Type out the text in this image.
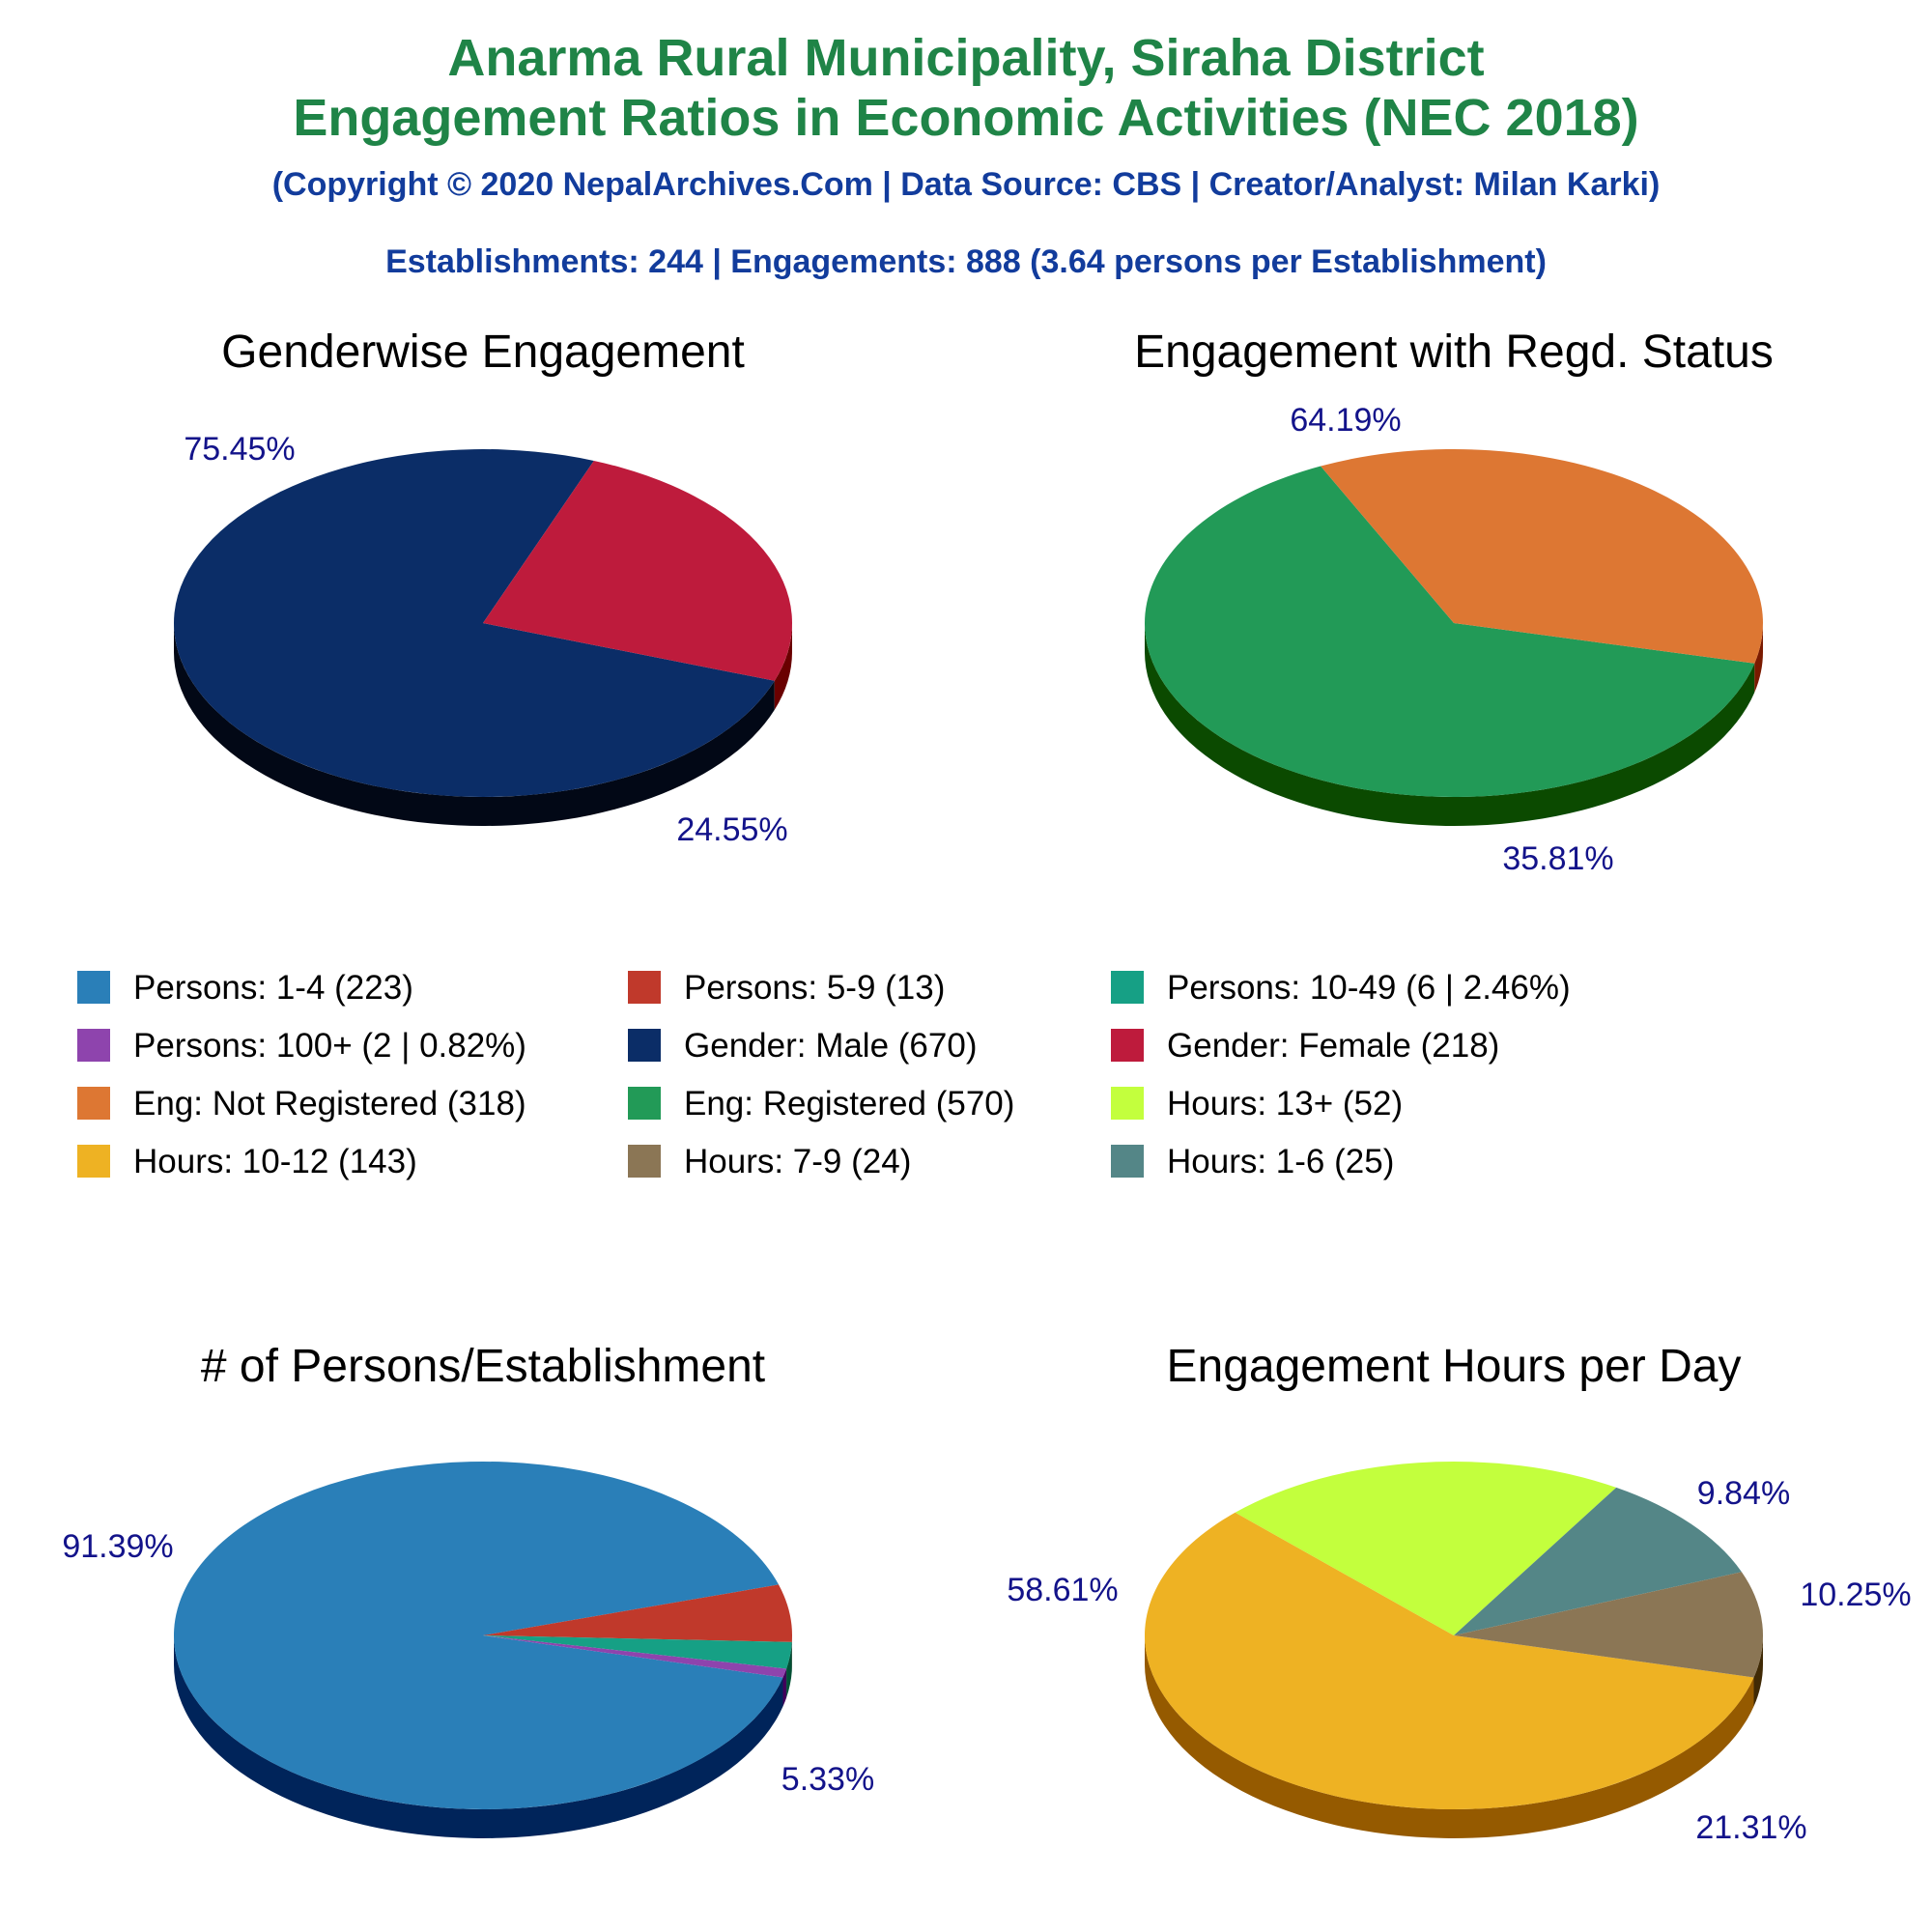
Anarma Rural Municipality, Siraha District
Engagement Ratios in Economic Activities (NEC 2018)
(Copyright © 2020 NepalArchives.Com | Data Source: CBS | Creator/Analyst: Milan Karki)
Establishments: 244 | Engagements: 888 (3.64 persons per Establishment)
Genderwise Engagement
75.45%
24.55%
Engagement with Regd. Status
64.19%
35.81%
# of Persons/Establishment
91.39%
5.33%
Engagement Hours per Day
58.61%
21.31%
10.25%
9.84%
Persons: 1-4 (223)	Persons: 5-9 (13)	Persons: 10-49 (6 | 2.46%)
Persons: 100+ (2 | 0.82%)	Gender: Male (670)	Gender: Female (218)
Eng: Not Registered (318)	Eng: Registered (570)	Hours: 13+ (52)
Hours: 10-12 (143)	Hours: 7-9 (24)	Hours: 1-6 (25)
